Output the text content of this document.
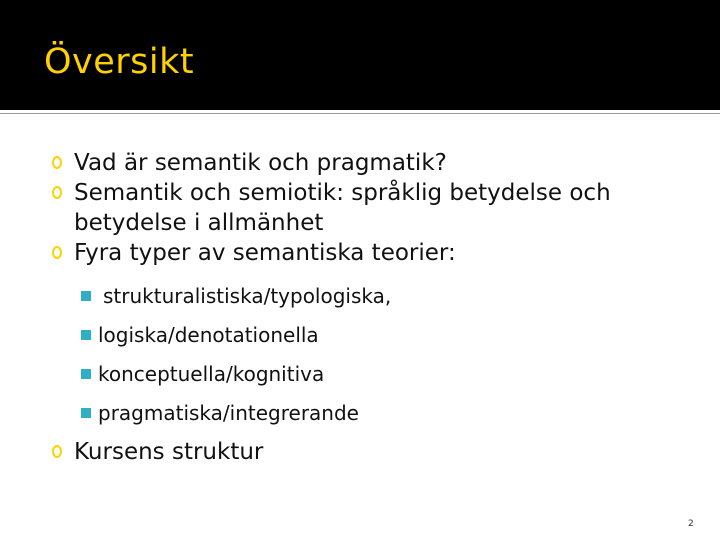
Översikt
Vad är semantik och pragmatik?
Semantik och semiotik: språklig betydelse och betydelse i allmänhet
Fyra typer av semantiska teorier:
strukturalistiska/typologiska,
logiska/denotationella
konceptuella/kognitiva
pragmatiska/integrerande
Kursens struktur
2
